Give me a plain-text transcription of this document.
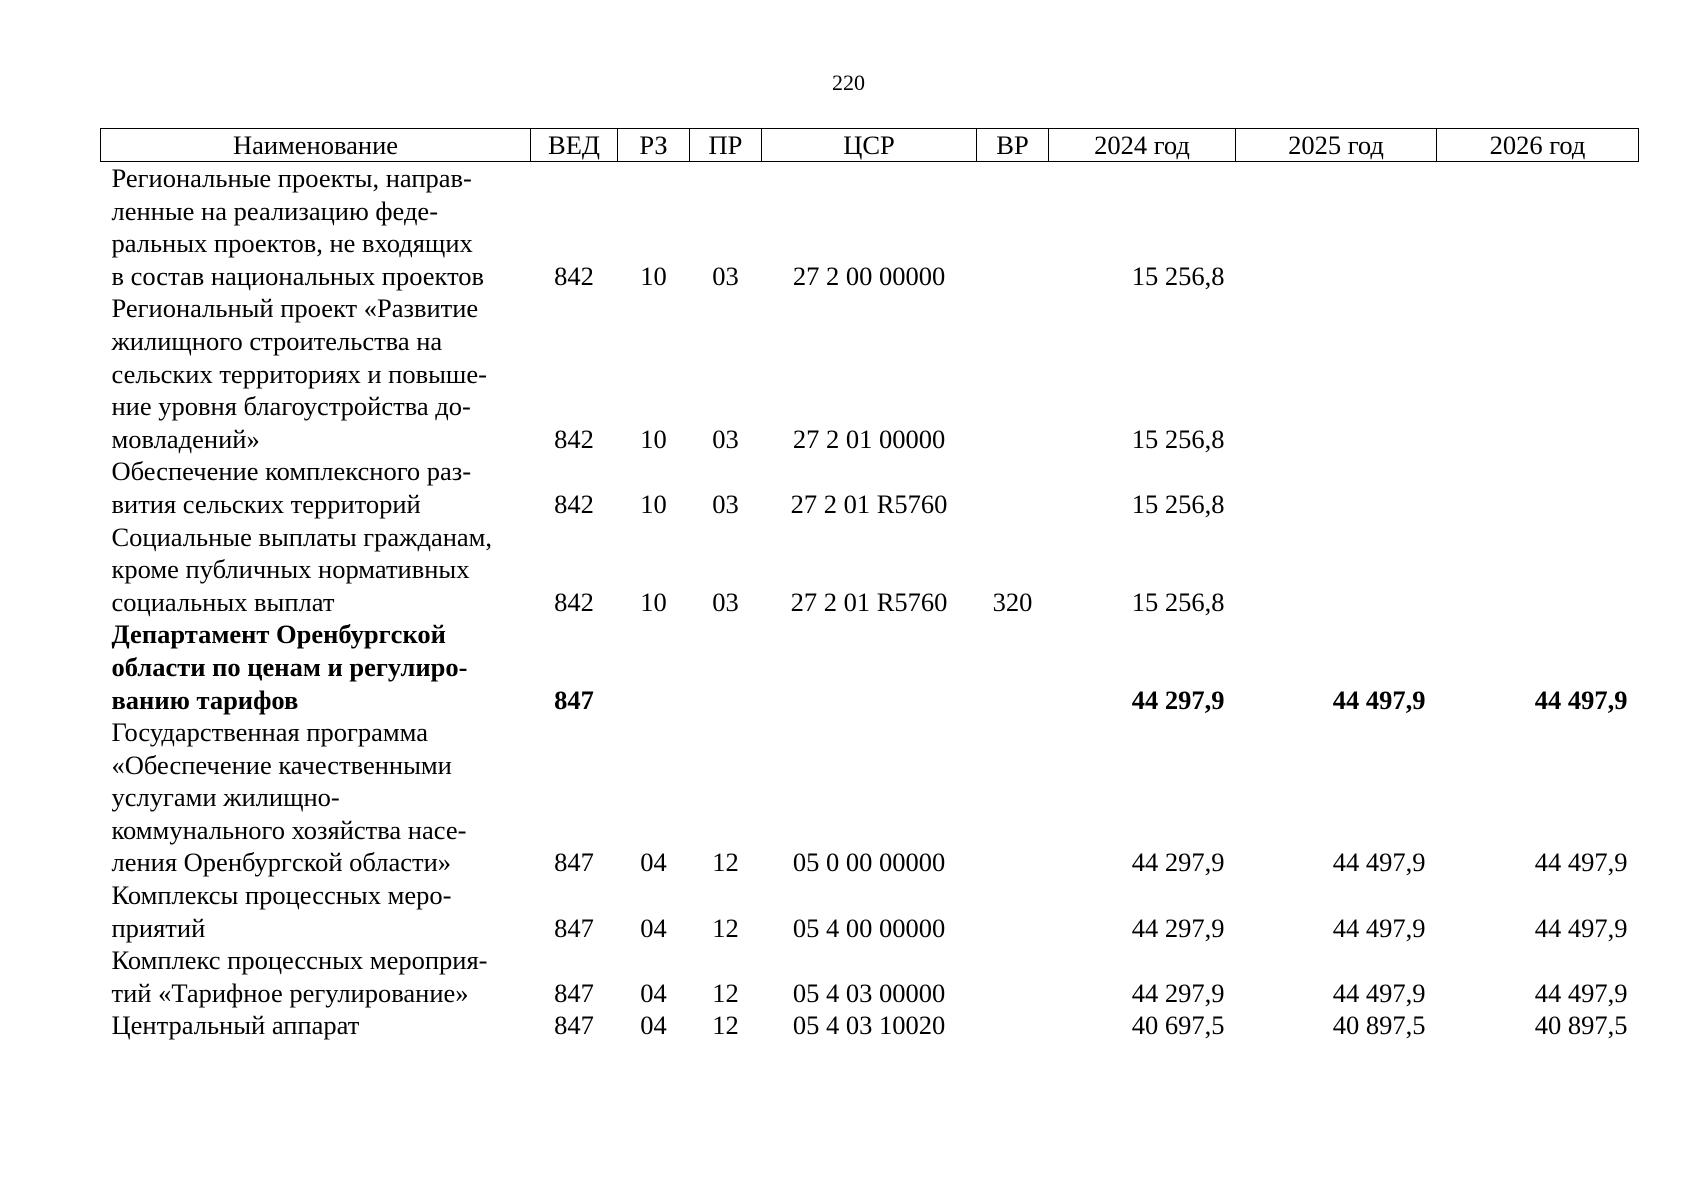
220
Наименование	ВЕД	РЗ	ПР	ЦСР	ВР	2024 год	2025 год	2026 год

Региональные проекты, направ-
ленные на реализацию феде-
ральных проектов, не входящих
в состав национальных проектов	842	10	03	27 2 00 00000		15 256,8		

Региональный проект «Развитие
жилищного строительства на
сельских территориях и повыше-
ние уровня благоустройства до-
мовладений»	842	10	03	27 2 01 00000		15 256,8		

Обеспечение комплексного раз-
вития сельских территорий	842	10	03	27 2 01 R5760		15 256,8		

Социальные выплаты гражданам,
кроме публичных нормативных
социальных выплат	842	10	03	27 2 01 R5760	320	15 256,8		

Департамент Оренбургской
области по ценам и регулиро-
ванию тарифов	847					44 297,9	44 497,9	44 497,9

Государственная программа
«Обеспечение качественными
услугами жилищно-
коммунального хозяйства насе-
ления Оренбургской области»	847	04	12	05 0 00 00000		44 297,9	44 497,9	44 497,9

Комплексы процессных меро-
приятий	847	04	12	05 4 00 00000		44 297,9	44 497,9	44 497,9

Комплекс процессных мероприя-
тий «Тарифное регулирование»	847	04	12	05 4 03 00000		44 297,9	44 497,9	44 497,9

Центральный аппарат	847	04	12	05 4 03 10020		40 697,5	40 897,5	40 897,5
